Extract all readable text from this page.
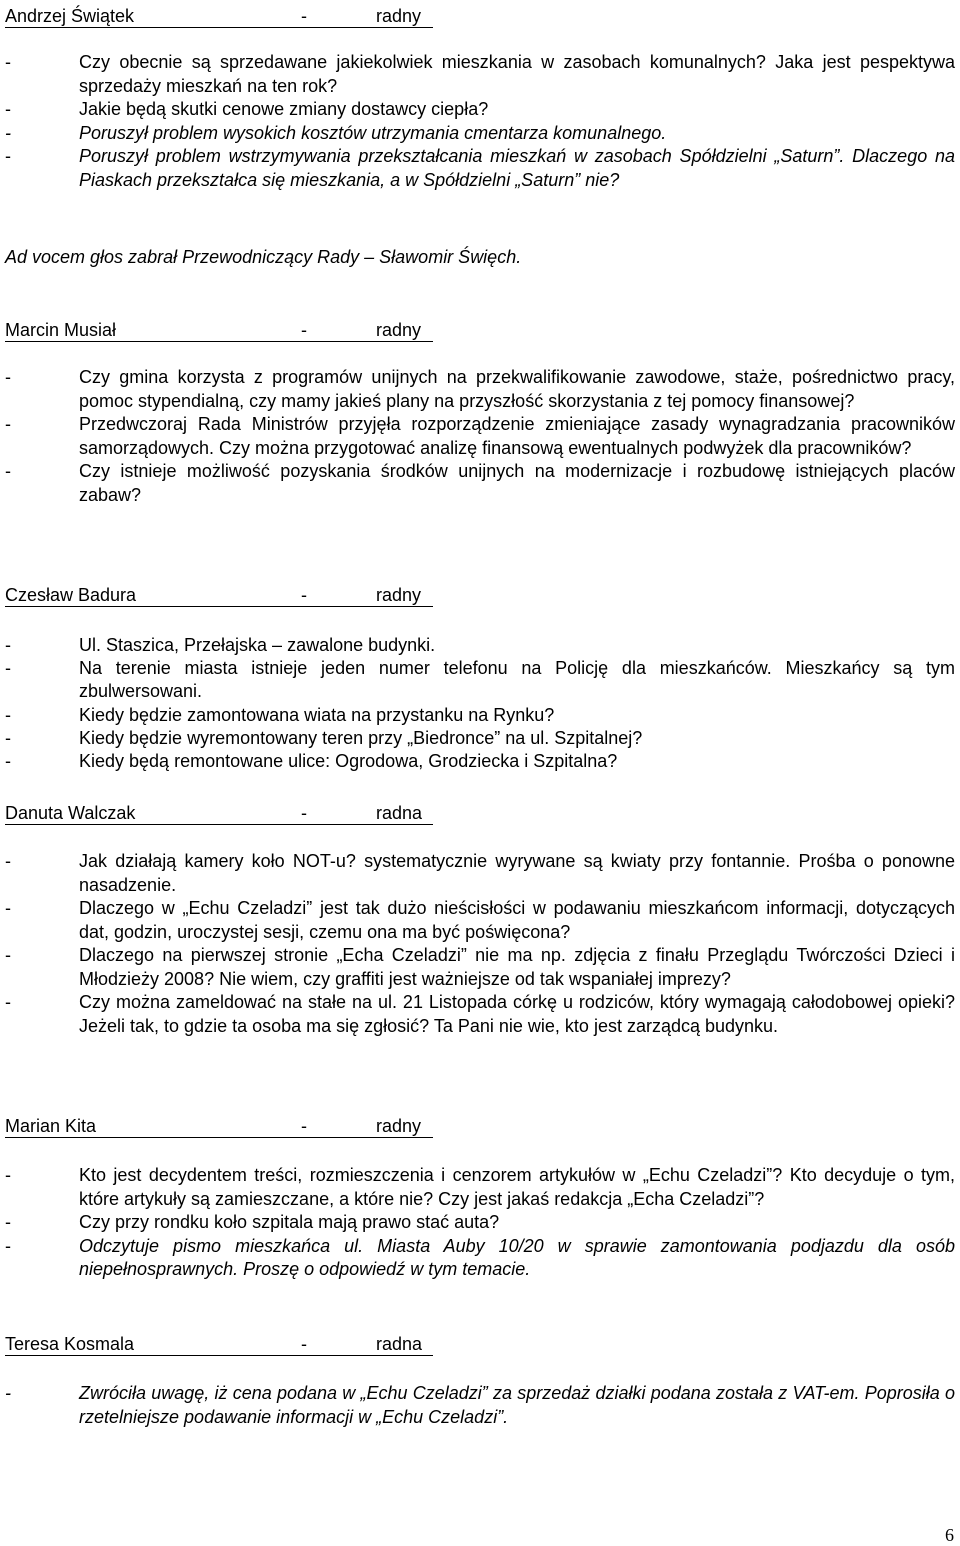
Andrzej Świątek	-	radny
- Czy obecnie są sprzedawane jakiekolwiek mieszkania w zasobach komunalnych? Jaka jest pespektywa sprzedaży mieszkań na ten rok?
- Jakie będą skutki cenowe zmiany dostawcy ciepła?
- Poruszył problem wysokich kosztów utrzymania cmentarza komunalnego.
- Poruszył problem wstrzymywania przekształcania mieszkań w zasobach Spółdzielni „Saturn”. Dlaczego na Piaskach przekształca się mieszkania, a w Spółdzielni „Saturn” nie?
Ad vocem głos zabrał Przewodniczący Rady – Sławomir Święch.
Marcin Musiał	-	radny
- Czy gmina korzysta z programów unijnych na przekwalifikowanie zawodowe, staże, pośrednictwo pracy, pomoc stypendialną, czy mamy jakieś plany na przyszłość skorzystania z tej pomocy finansowej?
- Przedwczoraj Rada Ministrów przyjęła rozporządzenie zmieniające zasady wynagradzania pracowników samorządowych. Czy można przygotować analizę finansową ewentualnych podwyżek dla pracowników?
- Czy istnieje możliwość pozyskania środków unijnych na modernizacje i rozbudowę istniejących placów zabaw?
Czesław Badura	-	radny
- Ul. Staszica, Przełajska – zawalone budynki.
- Na terenie miasta istnieje jeden numer telefonu na Policję dla mieszkańców. Mieszkańcy są tym zbulwersowani.
- Kiedy będzie zamontowana wiata na przystanku na Rynku?
- Kiedy będzie wyremontowany teren przy „Biedronce” na ul. Szpitalnej?
- Kiedy będą remontowane ulice: Ogrodowa, Grodziecka i Szpitalna?
Danuta Walczak	-	radna
- Jak działają kamery koło NOT-u? systematycznie wyrywane są kwiaty przy fontannie. Prośba o ponowne nasadzenie.
- Dlaczego w „Echu Czeladzi” jest tak dużo nieścisłości w podawaniu mieszkańcom informacji, dotyczących dat, godzin, uroczystej sesji, czemu ona ma być poświęcona?
- Dlaczego na pierwszej stronie „Echa Czeladzi” nie ma np. zdjęcia z finału Przeglądu Twórczości Dzieci i Młodzieży 2008? Nie wiem, czy graffiti jest ważniejsze od tak wspaniałej imprezy?
- Czy można zameldować na stałe na ul. 21 Listopada córkę u rodziców, który wymagają całodobowej opieki? Jeżeli tak, to gdzie ta osoba ma się zgłosić? Ta Pani nie wie, kto jest zarządcą budynku.
Marian Kita	-	radny
- Kto jest decydentem treści, rozmieszczenia i cenzorem artykułów w „Echu Czeladzi”? Kto decyduje o tym, które artykuły są zamieszczane, a które nie? Czy jest jakaś redakcja „Echa Czeladzi”?
- Czy przy rondku koło szpitala mają prawo stać auta?
- Odczytuje pismo mieszkańca ul. Miasta Auby 10/20 w sprawie zamontowania podjazdu dla osób niepełnosprawnych. Proszę o odpowiedź w tym temacie.
Teresa Kosmala	-	radna
- Zwróciła uwagę, iż cena podana w „Echu Czeladzi” za sprzedaż działki podana została z VAT-em. Poprosiła o rzetelniejsze podawanie informacji w „Echu Czeladzi”.
6
